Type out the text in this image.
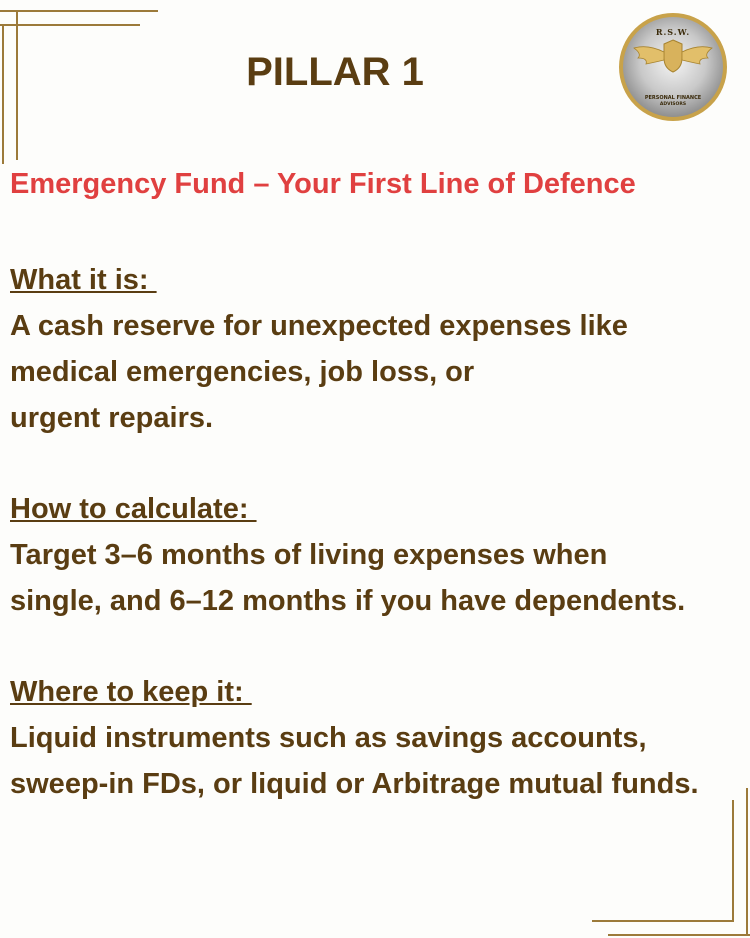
PILLAR 1
R.S.W.
PERSONAL FINANCE
ADVISORS
Emergency Fund – Your First Line of Defence
What it is:
A cash reserve for unexpected expenses like
medical emergencies, job loss, or
urgent repairs.
How to calculate:
Target 3–6 months of living expenses when
single, and 6–12 months if you have dependents.
Where to keep it:
Liquid instruments such as savings accounts,
sweep-in FDs, or liquid or Arbitrage mutual funds.
